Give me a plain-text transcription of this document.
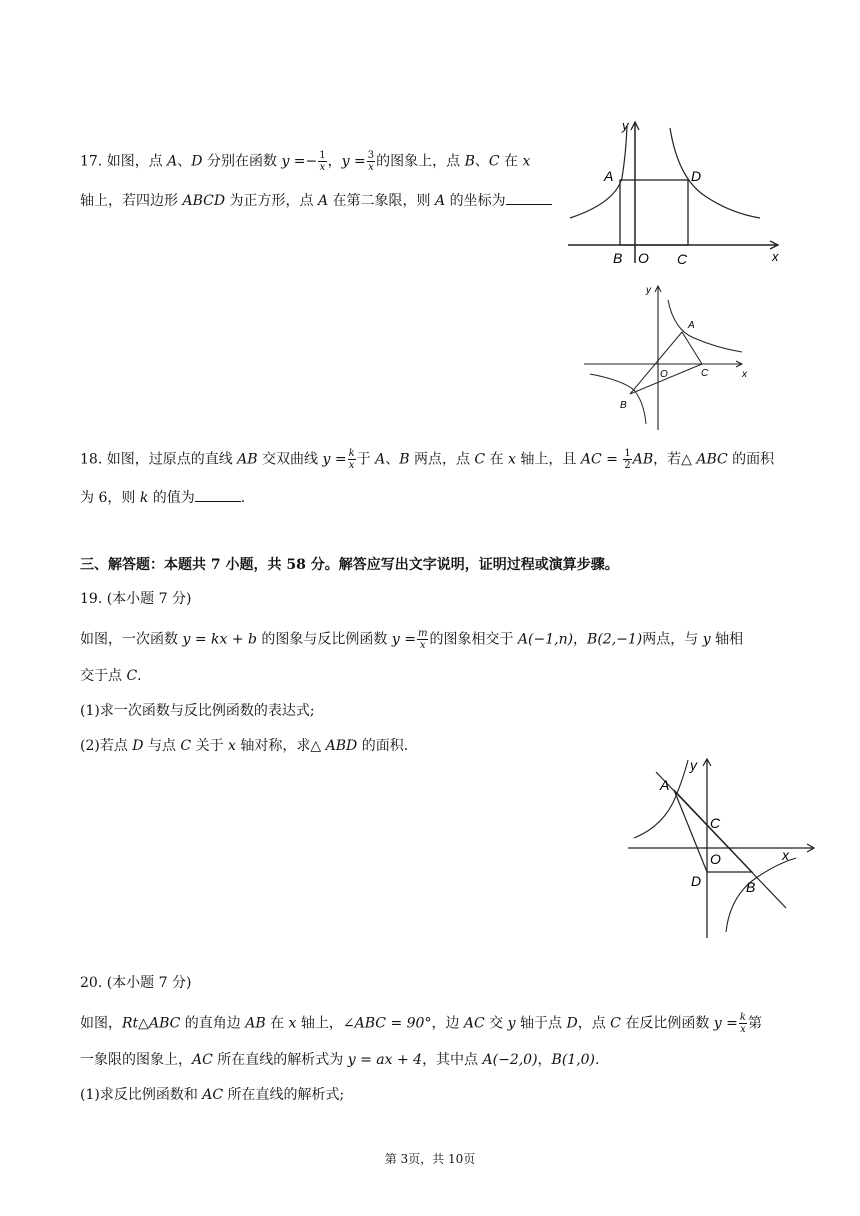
17. 如图，点 A、D 分别在函数 $y =- \frac{1}{x}$ ，$y = \frac{3}{x}$ 的图象上，点 B、C 在 x
轴上，若四边形 ABCD 为正方形，点 A 在第二象限，则 A 的坐标为
y
x
A	D
B O C
y
x
A
O	C
B
18. 如图，过原点的直线 AB 交双曲线 $y = \frac{k}{x}$ 于 A、B 两点，点 C 在 x 轴上，且 AC = $\frac{1}{2}$ AB，若△ ABC 的面积
为 6，则 k 的值为	.
三、解答题：本题共 7 小题，共 58 分。解答应写出文字说明，证明过程或演算步骤。
19. (本小题 7 分)
如图，一次函数 y = kx + b 的图象与反比例函数 $y = \frac{m}{x}$ 的图象相交于 A(−1,n)，B(2,−1)两点，与 y 轴相
交于点 C.
(1)求一次函数与反比例函数的表达式;
(2)若点 D 与点 C 关于 x 轴对称，求△ ABD 的面积.
y
x
A
C
O
D	B
20. (本小题 7 分)
如图，Rt△ABC 的直角边 AB 在 x 轴上，∠ABC = 90°，边 AC 交 y 轴于点 D，点 C 在反比例函数 $y = \frac{k}{x}$ 第
一象限的图象上，AC 所在直线的解析式为 y = ax + 4，其中点 A(−2,0)，B(1,0).
(1)求反比例函数和 AC 所在直线的解析式;
第 3页，共 10页
